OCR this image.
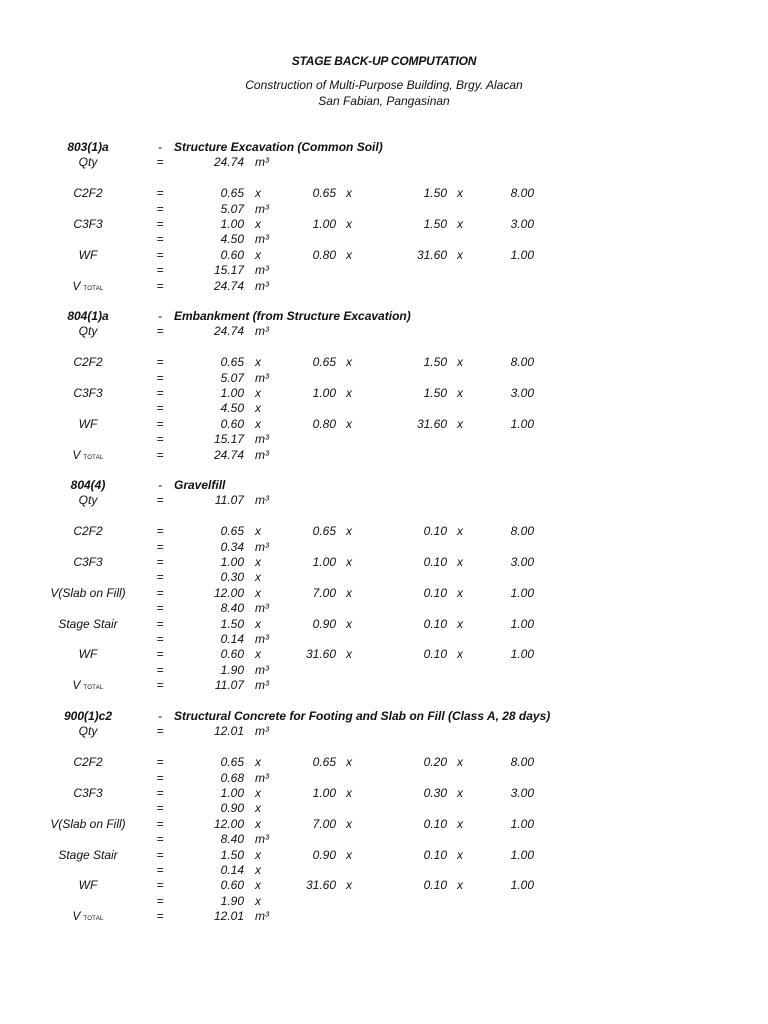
STAGE BACK-UP COMPUTATION
Construction of Multi-Purpose Building, Brgy. Alacan
San Fabian, Pangasinan
803(1)a	-	Structure Excavation (Common Soil)
Qty	=	24.74 m³
C2F2	=	0.65 x	0.65 x	1.50 x	8.00
=	5.07 m³
C3F3	=	1.00 x	1.00 x	1.50 x	3.00
=	4.50 m³
WF	=	0.60 x	0.80 x	31.60 x	1.00
=	15.17 m³
VTOTAL	=	24.74 m³
804(1)a	-	Embankment (from Structure Excavation)
Qty	=	24.74 m³
C2F2	=	0.65 x	0.65 x	1.50 x	8.00
=	5.07 m³
C3F3	=	1.00 x	1.00 x	1.50 x	3.00
=	4.50 x
WF	=	0.60 x	0.80 x	31.60 x	1.00
=	15.17 m³
VTOTAL	=	24.74 m³
804(4)	-	Gravelfill
Qty	=	11.07 m³
C2F2	=	0.65 x	0.65 x	0.10 x	8.00
=	0.34 m³
C3F3	=	1.00 x	1.00 x	0.10 x	3.00
=	0.30 x
V(Slab on Fill)	=	12.00 x	7.00 x	0.10 x	1.00
=	8.40 m³
Stage Stair	=	1.50 x	0.90 x	0.10 x	1.00
=	0.14 m³
WF	=	0.60 x	31.60 x	0.10 x	1.00
=	1.90 m³
VTOTAL	=	11.07 m³
900(1)c2	-	Structural Concrete for Footing and Slab on Fill (Class A, 28 days)
Qty	=	12.01 m³
C2F2	=	0.65 x	0.65 x	0.20 x	8.00
=	0.68 m³
C3F3	=	1.00 x	1.00 x	0.30 x	3.00
=	0.90 x
V(Slab on Fill)	=	12.00 x	7.00 x	0.10 x	1.00
=	8.40 m³
Stage Stair	=	1.50 x	0.90 x	0.10 x	1.00
=	0.14 x
WF	=	0.60 x	31.60 x	0.10 x	1.00
=	1.90 x
VTOTAL	=	12.01 m³
